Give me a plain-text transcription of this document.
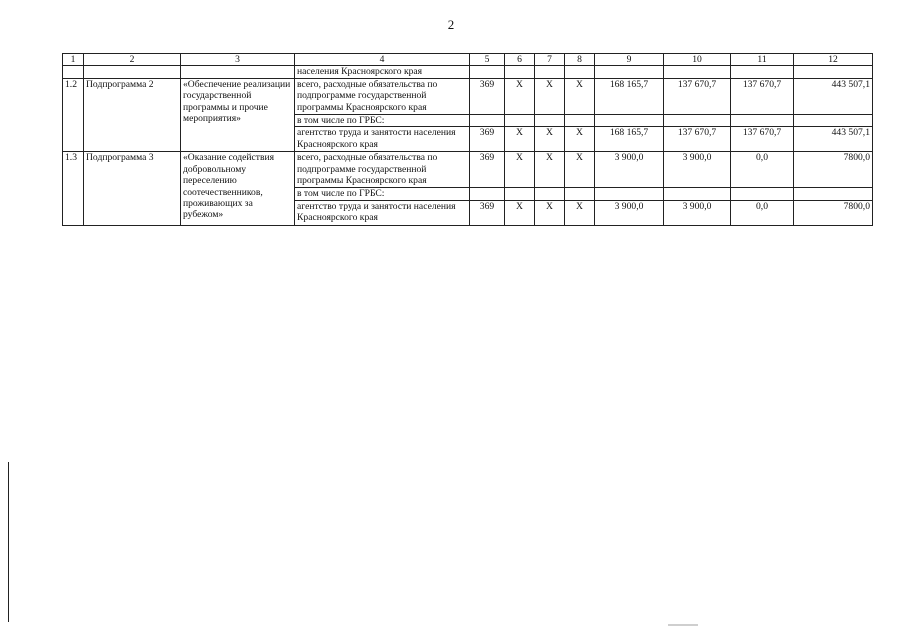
2
1	2	3	4	5	6	7	8	9	10	11	12
			населения Красноярского края								
1.2	Подпрограмма 2	«Обеспечение реализации государственной программы и прочие мероприятия»	всего, расходные обязательства по подпрограмме государственной программы Красноярского края	369	X	X	X	168 165,7	137 670,7	137 670,7	443 507,1
			в том числе по ГРБС:								
			агентство труда и занятости населения Красноярского края	369	X	X	X	168 165,7	137 670,7	137 670,7	443 507,1
1.3	Подпрограмма 3	«Оказание содействия добровольному переселению соотечественников, проживающих за рубежом»	всего, расходные обязательства по подпрограмме государственной программы Красноярского края	369	X	X	X	3 900,0	3 900,0	0,0	7800,0
			в том числе по ГРБС:								
			агентство труда и занятости населения Красноярского края	369	X	X	X	3 900,0	3 900,0	0,0	7800,0
